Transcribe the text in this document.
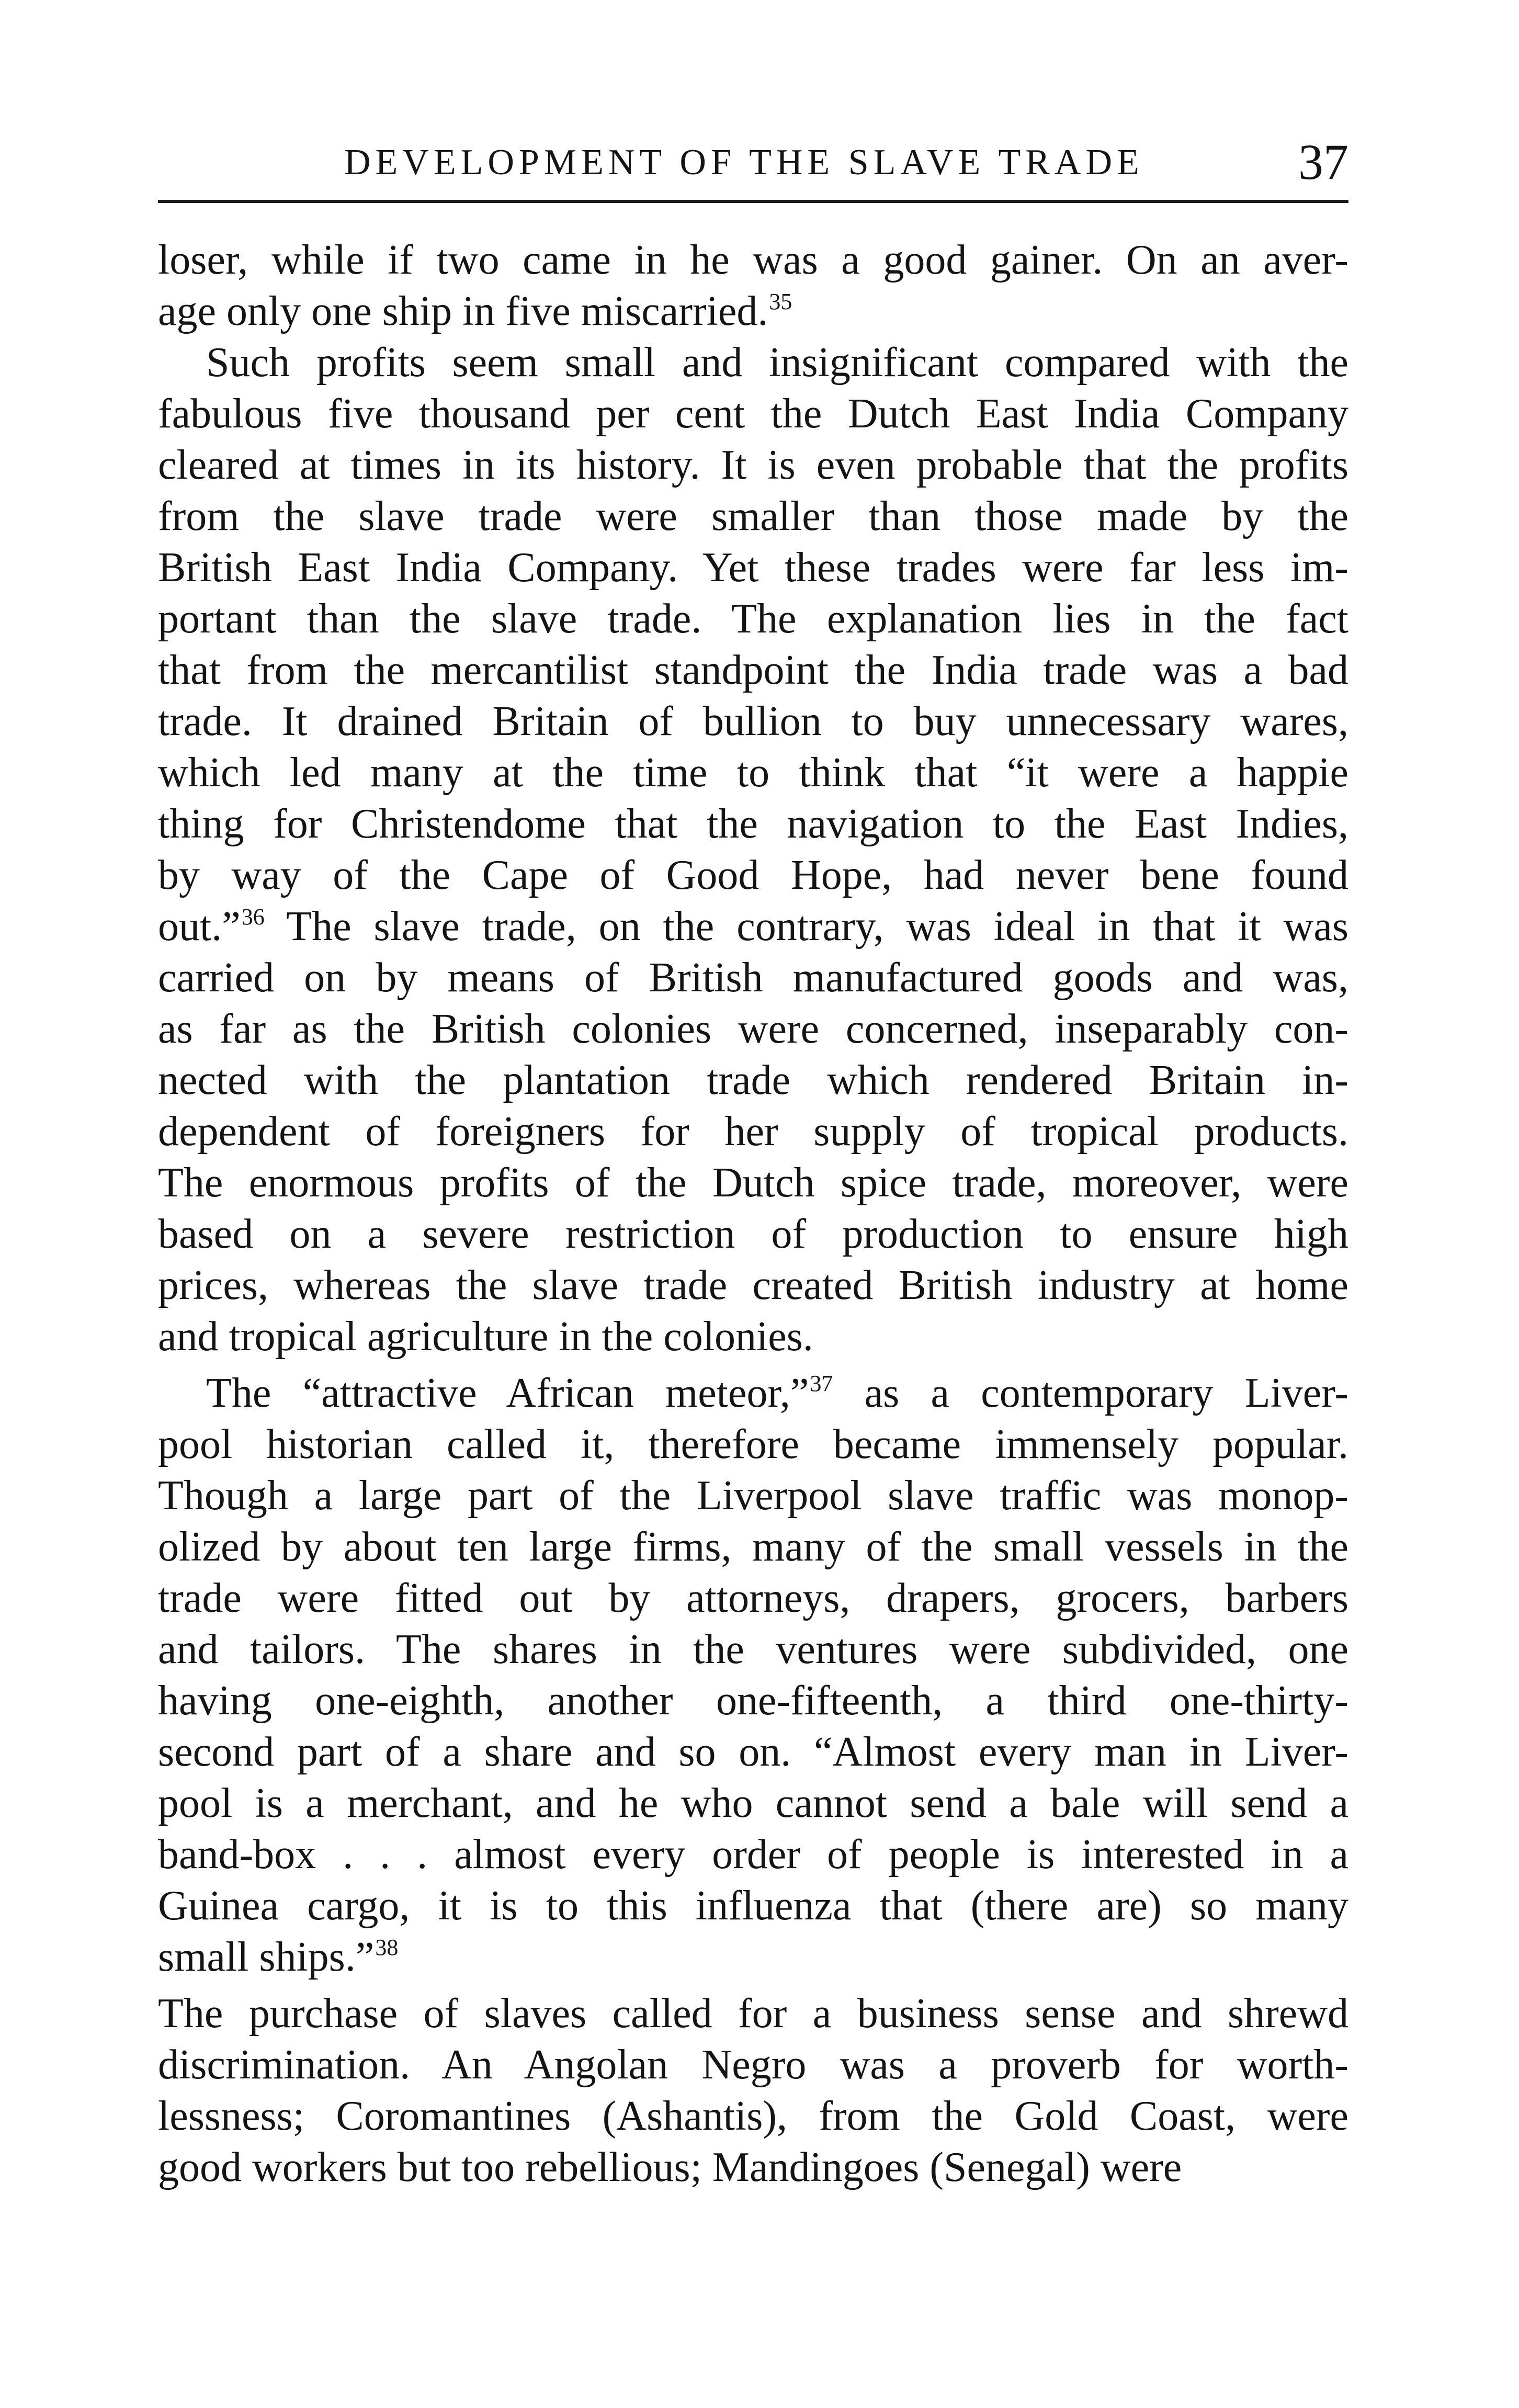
DEVELOPMENT OF THE SLAVE TRADE	37
loser, while if two came in he was a good gainer. On an aver-
age only one ship in five miscarried.$^{35}$
Such profits seem small and insignificant compared with the
fabulous five thousand per cent the Dutch East India Company
cleared at times in its history. It is even probable that the profits
from the slave trade were smaller than those made by the
British East India Company. Yet these trades were far less im-
portant than the slave trade. The explanation lies in the fact
that from the mercantilist standpoint the India trade was a bad
trade. It drained Britain of bullion to buy unnecessary wares,
which led many at the time to think that “it were a happie
thing for Christendome that the navigation to the East Indies,
by way of the Cape of Good Hope, had never bene found
out.”$^{36}$ The slave trade, on the contrary, was ideal in that it was
carried on by means of British manufactured goods and was,
as far as the British colonies were concerned, inseparably con-
nected with the plantation trade which rendered Britain in-
dependent of foreigners for her supply of tropical products.
The enormous profits of the Dutch spice trade, moreover, were
based on a severe restriction of production to ensure high
prices, whereas the slave trade created British industry at home
and tropical agriculture in the colonies.
The “attractive African meteor,”$^{37}$ as a contemporary Liver-
pool historian called it, therefore became immensely popular.
Though a large part of the Liverpool slave traffic was monop-
olized by about ten large firms, many of the small vessels in the
trade were fitted out by attorneys, drapers, grocers, barbers
and tailors. The shares in the ventures were subdivided, one
having one-eighth, another one-fifteenth, a third one-thirty-
second part of a share and so on. “Almost every man in Liver-
pool is a merchant, and he who cannot send a bale will send a
band-box . . . almost every order of people is interested in a
Guinea cargo, it is to this influenza that (there are) so many
small ships.”$^{38}$
The purchase of slaves called for a business sense and shrewd
discrimination. An Angolan Negro was a proverb for worth-
lessness; Coromantines (Ashantis), from the Gold Coast, were
good workers but too rebellious; Mandingoes (Senegal) were
